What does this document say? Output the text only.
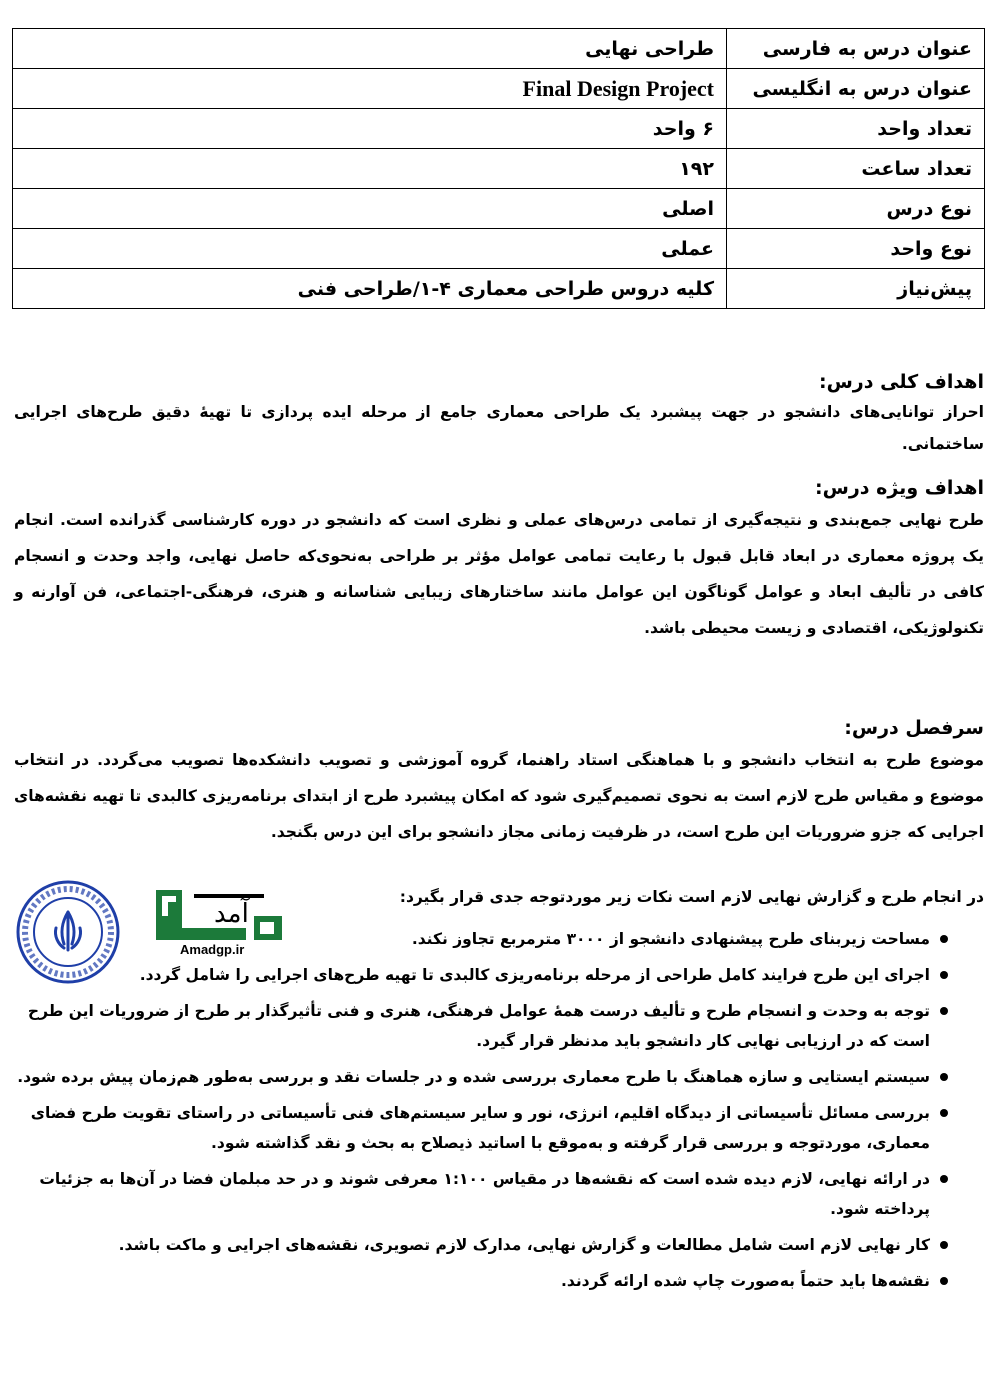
عنوان درس به فارسی	طراحی نهایی
عنوان درس به انگلیسی	Final Design Project
تعداد واحد	۶ واحد
تعداد ساعت	۱۹۲
نوع درس	اصلی
نوع واحد	عملی
پیش‌نیاز	کلیه دروس طراحی معماری ۴-۱/طراحی فنی

اهداف کلی درس:

احراز توانایی‌های دانشجو در جهت پیشبرد یک طراحی معماری جامع از مرحله ایده پردازی تا تهیهٔ دقیق طرح‌های اجرایی ساختمانی.

اهداف ویژه درس:

طرح نهایی جمع‌بندی و نتیجه‌گیری از تمامی درس‌های عملی و نظری است که دانشجو در دوره کارشناسی گذرانده است. انجام یک پروژه معماری در ابعاد قابل قبول با رعایت تمامی عوامل مؤثر بر طراحی به‌نحوی‌که حاصل نهایی، واجد وحدت و انسجام کافی در تألیف ابعاد و عوامل گوناگون این عوامل مانند ساختارهای زیبایی شناسانه و هنری، فرهنگی-اجتماعی، فن آوارنه و تکنولوژیکی، اقتصادی و زیست محیطی باشد.

سرفصل درس:

موضوع طرح به انتخاب دانشجو و با هماهنگی استاد راهنما، گروه آموزشی و تصویب دانشکده‌ها تصویب می‌گردد. در انتخاب موضوع و مقیاس طرح لازم است به نحوی تصمیم‌گیری شود که امکان پیشبرد طرح از ابتدای برنامه‌ریزی کالبدی تا تهیه نقشه‌های اجرایی که جزو ضروریات این طرح است، در ظرفیت زمانی مجاز دانشجو برای این درس بگنجد.

در انجام طرح و گزارش نهایی لازم است نکات زیر موردتوجه جدی قرار بگیرد:

مساحت زیربنای طرح پیشنهادی دانشجو از ۳۰۰۰ مترمربع تجاوز نکند.
اجرای این طرح فرایند کامل طراحی از مرحله برنامه‌ریزی کالبدی تا تهیه طرح‌های اجرایی را شامل گردد.
توجه به وحدت و انسجام طرح و تألیف درست همهٔ عوامل فرهنگی، هنری و فنی تأثیرگذار بر طرح از ضروریات این طرح است که در ارزیابی نهایی کار دانشجو باید مدنظر قرار گیرد.
سیستم ایستایی و سازه هماهنگ با طرح معماری بررسی شده و در جلسات نقد و بررسی به‌طور هم‌زمان پیش برده شود.
بررسی مسائل تأسیساتی از دیدگاه اقلیم، انرژی، نور و سایر سیستم‌های فنی تأسیساتی در راستای تقویت طرح فضای معماری، موردتوجه و بررسی قرار گرفته و به‌موقع با اساتید ذیصلاح به بحث و نقد گذاشته شود.
در ارائه نهایی، لازم دیده شده است که نقشه‌ها در مقیاس ۱:۱۰۰ معرفی شوند و در حد مبلمان فضا در آن‌ها به جزئیات پرداخته شود.
کار نهایی لازم است شامل مطالعات و گزارش نهایی، مدارک لازم تصویری، نقشه‌های اجرایی و ماکت باشد.
نقشه‌ها باید حتماً به‌صورت چاپ شده ارائه گردند.
آمد
Amadgp.ir
